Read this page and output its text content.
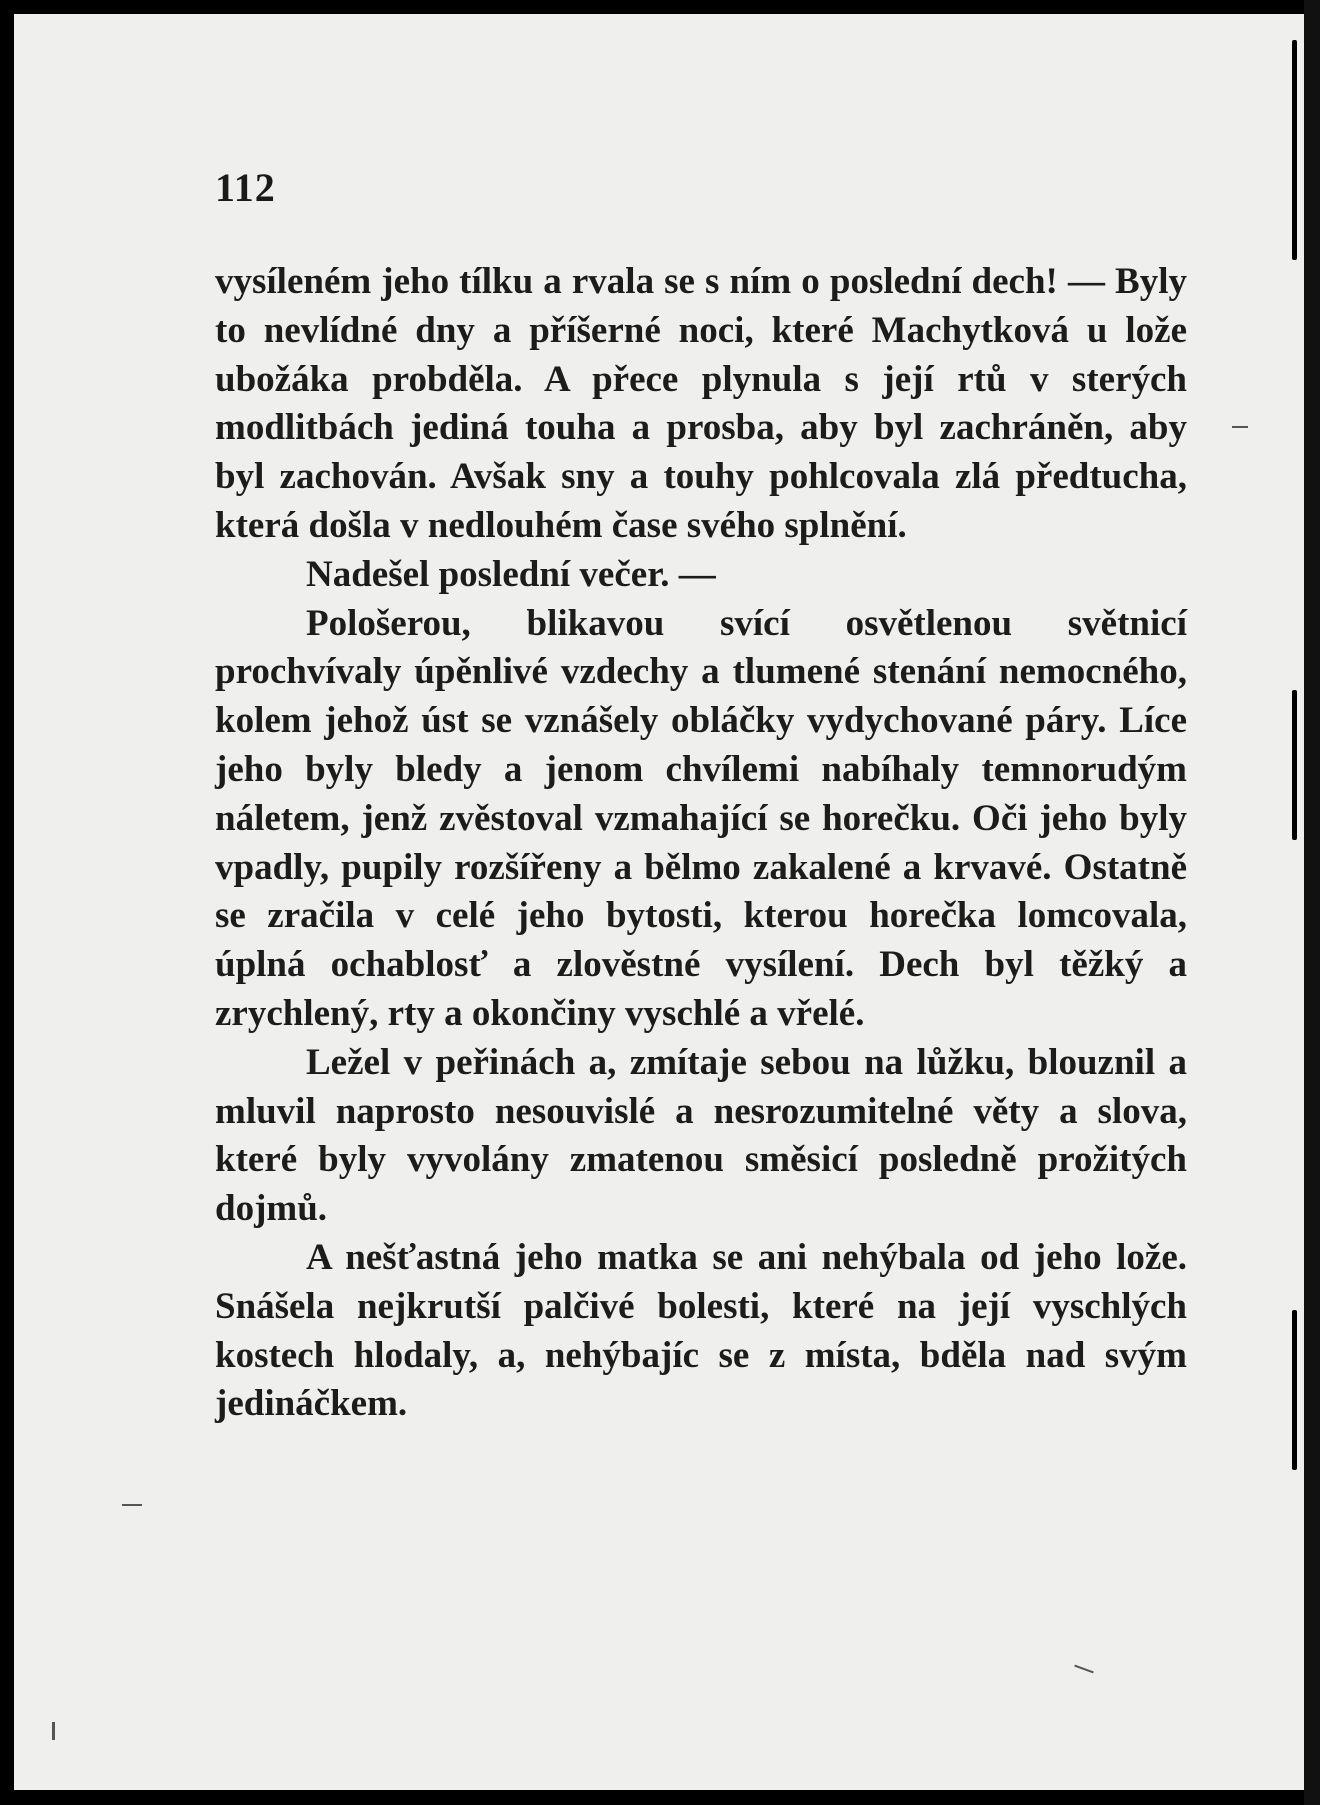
112

vysíleném jeho tílku a rvala se s ním o poslední dech! — Byly to nevlídné dny a příšerné noci, které Machytková u lože ubožáka probděla. A přece plynula s její rtů v sterých modlitbách jediná touha a prosba, aby byl zachráněn, aby byl zachován. Avšak sny a touhy pohlcovala zlá předtucha, která došla v nedlouhém čase svého splnění.

Nadešel poslední večer. —

Pološerou, blikavou svící osvětlenou světnicí prochvívaly úpěnlivé vzdechy a tlumené stenání nemocného, kolem jehož úst se vznášely obláčky vydychované páry. Líce jeho byly bledy a jenom chvílemi nabíhaly temnorudým náletem, jenž zvěstoval vzmahající se horečku. Oči jeho byly vpadly, pupily rozšířeny a bělmo zakalené a krvavé. Ostatně se zračila v celé jeho bytosti, kterou horečka lomcovala, úplná ochablosť a zlověstné vysílení. Dech byl těžký a zrychlený, rty a okončiny vyschlé a vřelé.

Ležel v peřinách a, zmítaje sebou na lůžku, blouznil a mluvil naprosto nesouvislé a nesrozumitelné věty a slova, které byly vyvolány zmatenou směsicí posledně prožitých dojmů.

A nešťastná jeho matka se ani nehýbala od jeho lože. Snášela nejkrutší palčivé bolesti, které na její vyschlých kostech hlodaly, a, nehýbajíc se z místa, bděla nad svým jedináčkem.
